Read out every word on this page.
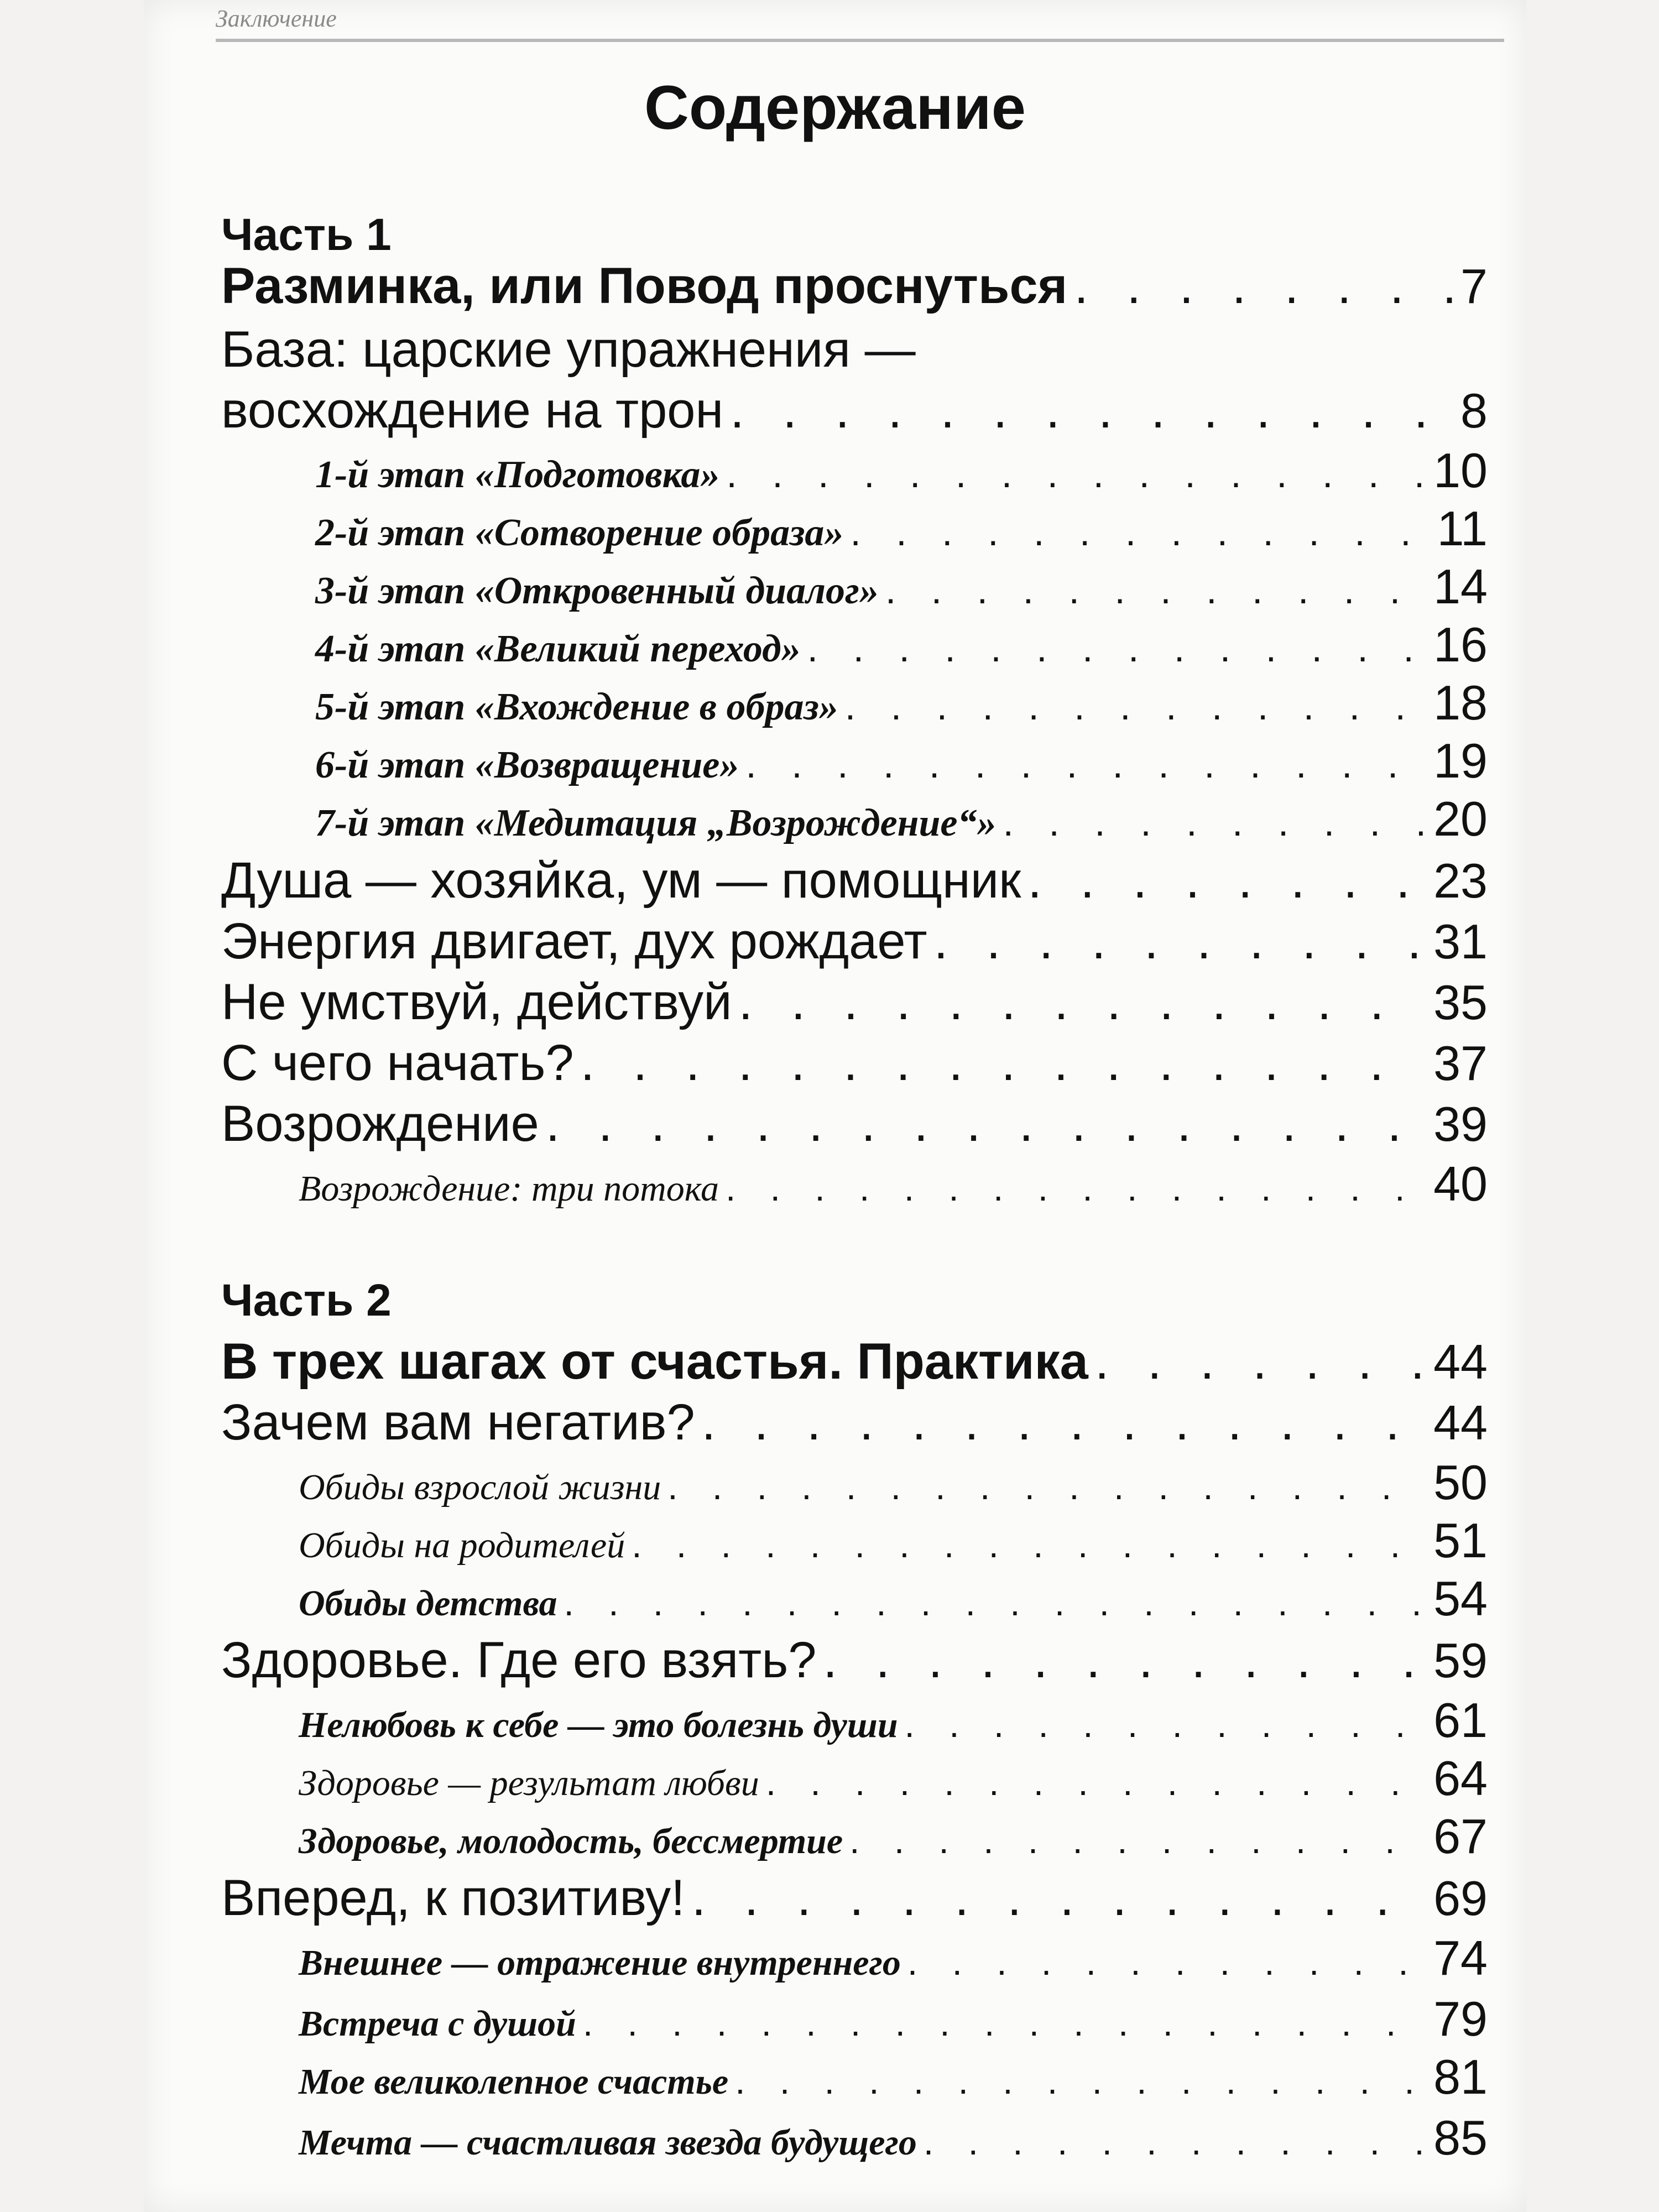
Заключение
Содержание
Часть 1
Разминка, или Повод проснуться . . .	7
База: царские упражнения —
восхождение на трон . . .	8
1-й этап «Подготовка» . . .	10
2-й этап «Сотворение образа» . . .	11
3-й этап «Откровенный диалог» . . .	14
4-й этап «Великий переход» . . .	16
5-й этап «Вхождение в образ» . . .	18
6-й этап «Возвращение» . . .	19
7-й этап «Медитация „Возрождение“» . . .	20
Душа — хозяйка, ум — помощник . . .	23
Энергия двигает, дух рождает . . .	31
Не умствуй, действуй . . .	35
С чего начать? . . .	37
Возрождение . . .	39
Возрождение: три потока . . .	40
Часть 2
В трех шагах от счастья. Практика . . .	44
Зачем вам негатив? . . .	44
Обиды взрослой жизни . . .	50
Обиды на родителей . . .	51
Обиды детства . . .	54
Здоровье. Где его взять? . . .	59
Нелюбовь к себе — это болезнь души . . .	61
Здоровье — результат любви . . .	64
Здоровье, молодость, бессмертие . . .	67
Вперед, к позитиву! . . .	69
Внешнее — отражение внутреннего . . .	74
Встреча с душой . . .	79
Мое великолепное счастье . . .	81
Мечта — счастливая звезда будущего . . .	85
